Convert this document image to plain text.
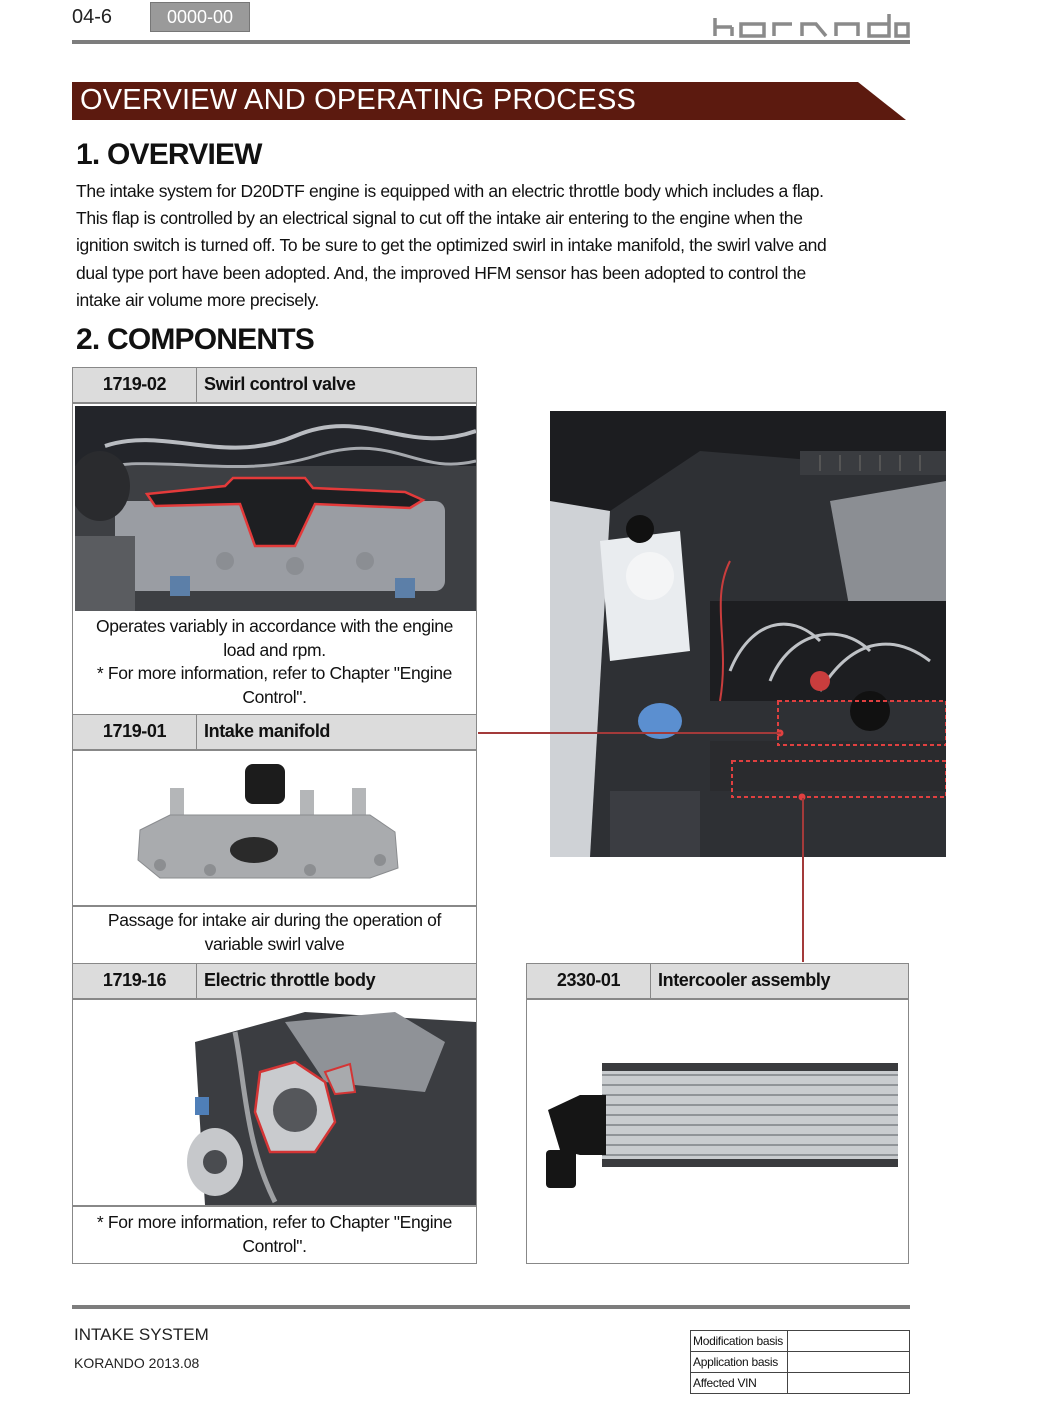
04-6	0000-00	korando
OVERVIEW AND OPERATING PROCESS
1. OVERVIEW

The intake system for D20DTF engine is equipped with an electric throttle body which includes a flap.

This flap is controlled by an electrical signal to cut off the intake air entering to the engine when the

ignition switch is turned off. To be sure to get the optimized swirl in intake manifold, the swirl valve and

dual type port have been adopted. And, the improved HFM sensor has been adopted to control the

intake air volume more precisely.

2. COMPONENTS
1719-02	Swirl control valve
Operates variably in accordance with the engine
load and rpm.
* For more information, refer to Chapter "Engine
Control".
1719-01	Intake manifold
Passage for intake air during the operation of
variable swirl valve
1719-16	Electric throttle body
* For more information, refer to Chapter "Engine
Control".
2330-01	Intercooler assembly
INTAKE SYSTEM
KORANDO 2013.08
Modification basis	
Application basis	
Affected VIN	
